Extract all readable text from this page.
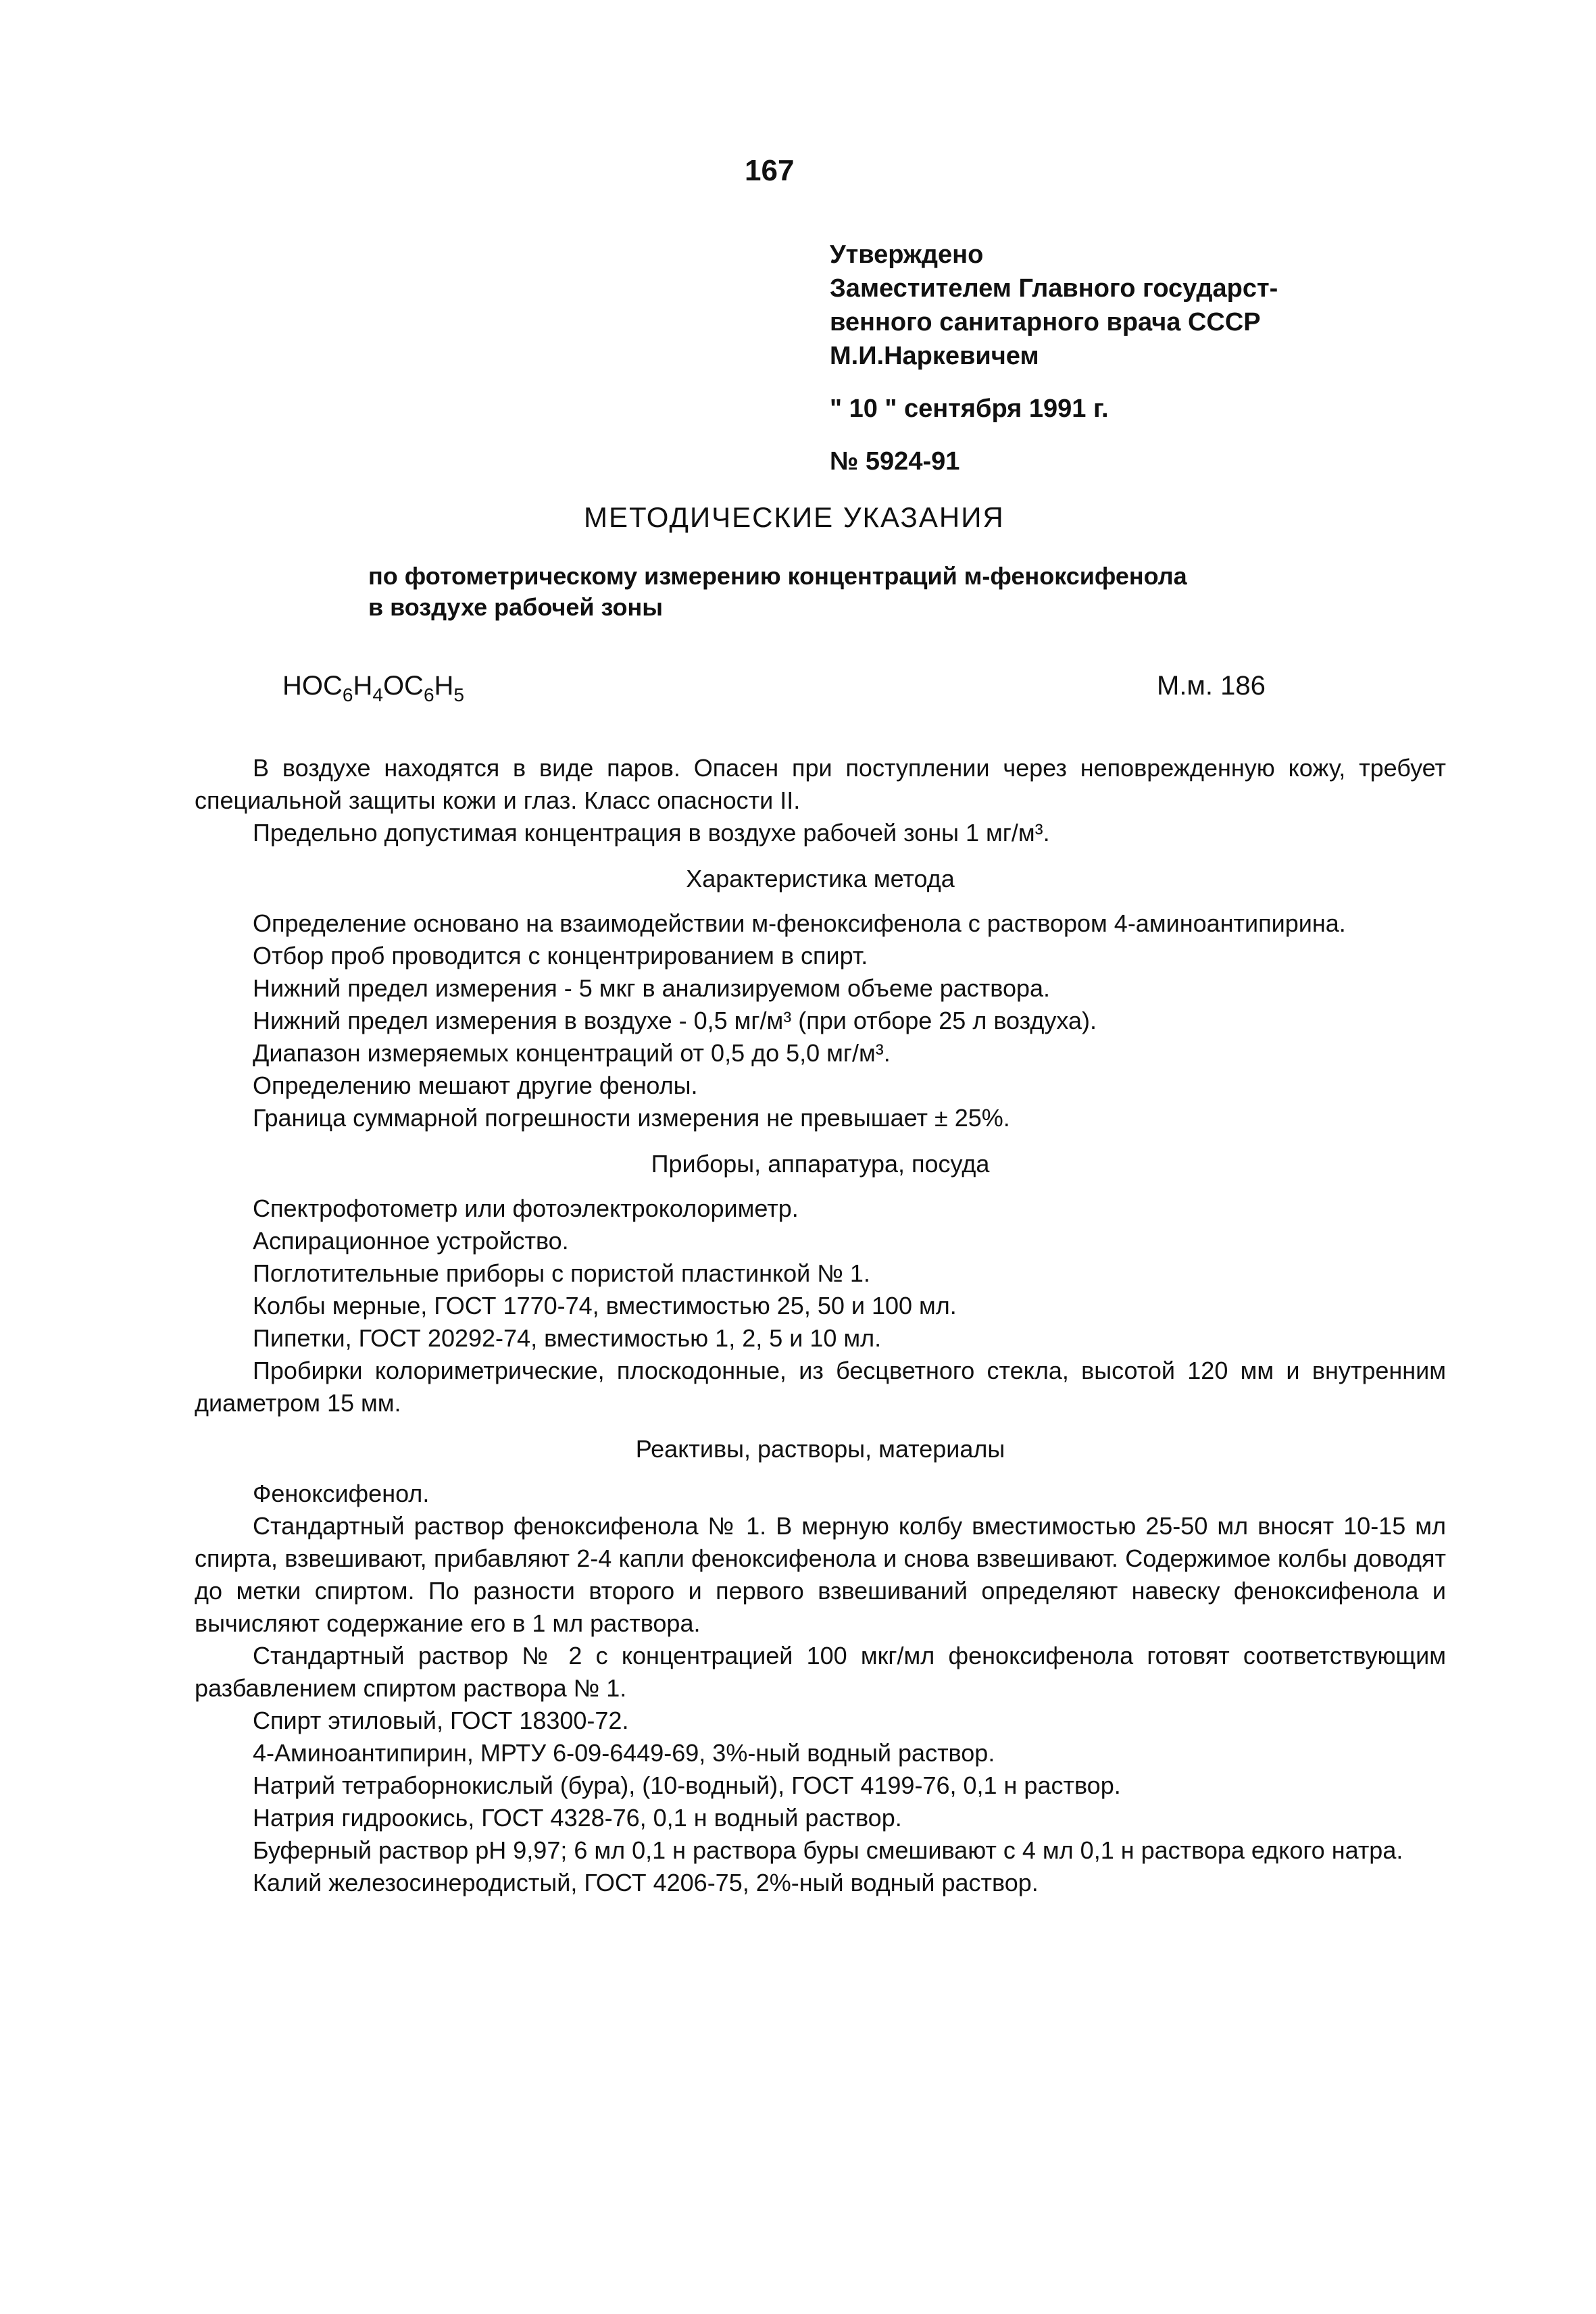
167
Утверждено
Заместителем Главного государст-
венного санитарного врача СССР
М.И.Наркевичем
" 10 " сентября 1991 г.
№ 5924-91
МЕТОДИЧЕСКИЕ УКАЗАНИЯ
по фотометрическому измерению концентраций м-феноксифенола
в воздухе рабочей зоны
$HOC_6H_4OC_6H_5$	М.м. 186

В воздухе находятся в виде паров. Опасен при поступлении через неповрежденную кожу, требует специальной защиты кожи и глаз. Класс опасности II.

Предельно допустимая концентрация в воздухе рабочей зоны 1 мг/м³.

Характеристика метода

Определение основано на взаимодействии м-феноксифенола с раствором 4-аминоантипирина.

Отбор проб проводится с концентрированием в спирт.

Нижний предел измерения - 5 мкг в анализируемом объеме раствора.

Нижний предел измерения в воздухе - 0,5 мг/м³ (при отборе 25 л воздуха).

Диапазон измеряемых концентраций от 0,5 до 5,0 мг/м³.

Определению мешают другие фенолы.

Граница суммарной погрешности измерения не превышает ± 25%.

Приборы, аппаратура, посуда

Спектрофотометр или фотоэлектроколориметр.

Аспирационное устройство.

Поглотительные приборы с пористой пластинкой № 1.

Колбы мерные, ГОСТ 1770-74, вместимостью 25, 50 и 100 мл.

Пипетки, ГОСТ 20292-74, вместимостью 1, 2, 5 и 10 мл.

Пробирки колориметрические, плоскодонные, из бесцветного стекла, высотой 120 мм и внутренним диаметром 15 мм.

Реактивы, растворы, материалы

Феноксифенол.

Стандартный раствор феноксифенола № 1. В мерную колбу вместимостью 25-50 мл вносят 10-15 мл спирта, взвешивают, прибавляют 2-4 капли феноксифенола и снова взвешивают. Содержимое колбы доводят до метки спиртом. По разности второго и первого взвешиваний определяют навеску феноксифенола и вычисляют содержание его в 1 мл раствора.

Стандартный раствор № 2 с концентрацией 100 мкг/мл феноксифенола готовят соответствующим разбавлением спиртом раствора № 1.

Спирт этиловый, ГОСТ 18300-72.

4-Аминоантипирин, МРТУ 6-09-6449-69, 3%-ный водный раствор.

Натрий тетраборнокислый (бура), (10-водный), ГОСТ 4199-76, 0,1 н раствор.

Натрия гидроокись, ГОСТ 4328-76, 0,1 н водный раствор.

Буферный раствор pH 9,97; 6 мл 0,1 н раствора буры смешивают с 4 мл 0,1 н раствора едкого натра.

Калий железосинеродистый, ГОСТ 4206-75, 2%-ный водный раствор.
